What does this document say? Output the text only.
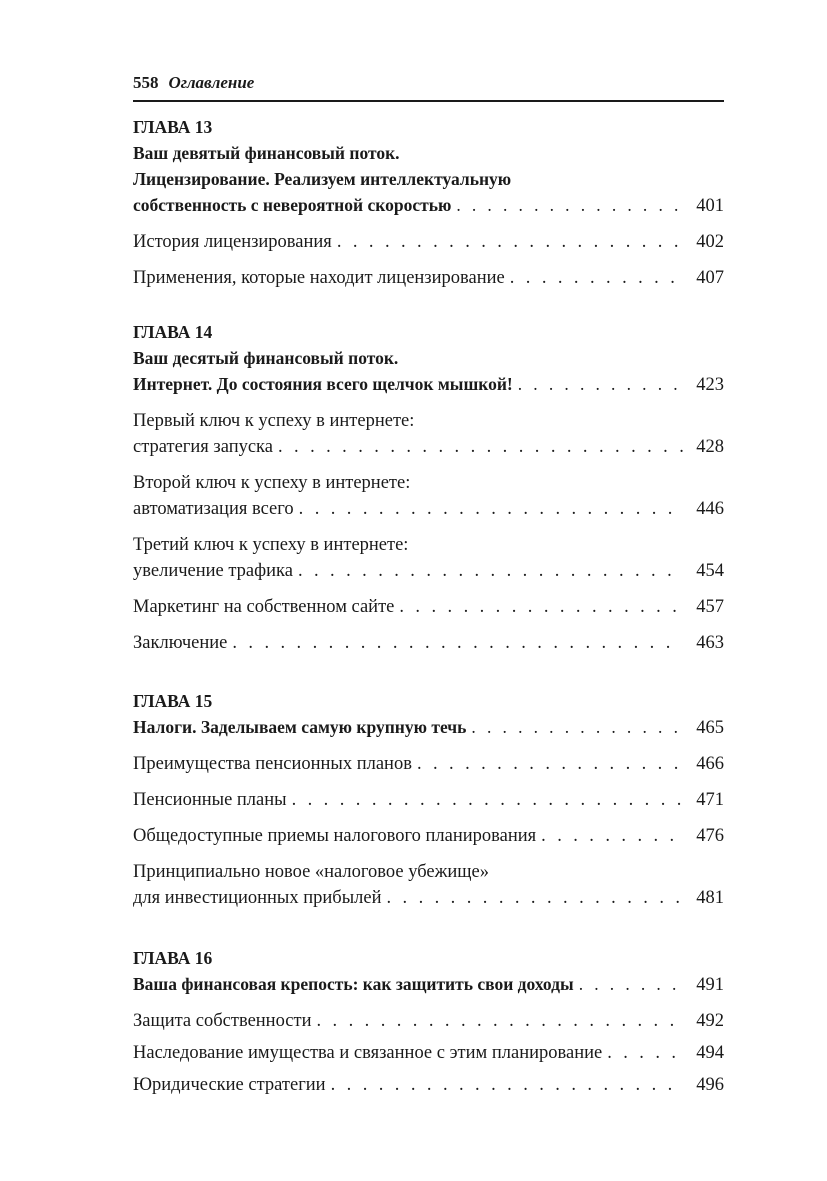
558 Оглавление
ГЛАВА 13
Ваш девятый финансовый поток.
Лицензирование. Реализуем интеллектуальную
собственность с невероятной скоростью . . .	401
История лицензирования . . .	402
Применения, которые находит лицензирование . . .	407
ГЛАВА 14
Ваш десятый финансовый поток.
Интернет. До состояния всего щелчок мышкой! . . .	423
Первый ключ к успеху в интернете:
стратегия запуска . . .	428
Второй ключ к успеху в интернете:
автоматизация всего . . .	446
Третий ключ к успеху в интернете:
увеличение трафика . . .	454
Маркетинг на собственном сайте . . .	457
Заключение . . .	463
ГЛАВА 15
Налоги. Заделываем самую крупную течь . . .	465
Преимущества пенсионных планов . . .	466
Пенсионные планы . . .	471
Общедоступные приемы налогового планирования . . .	476
Принципиально новое «налоговое убежище»
для инвестиционных прибылей . . .	481
ГЛАВА 16
Ваша финансовая крепость: как защитить свои доходы . . .	491
Защита собственности . . .	492
Наследование имущества и связанное с этим планирование . . .	494
Юридические стратегии . . .	496
